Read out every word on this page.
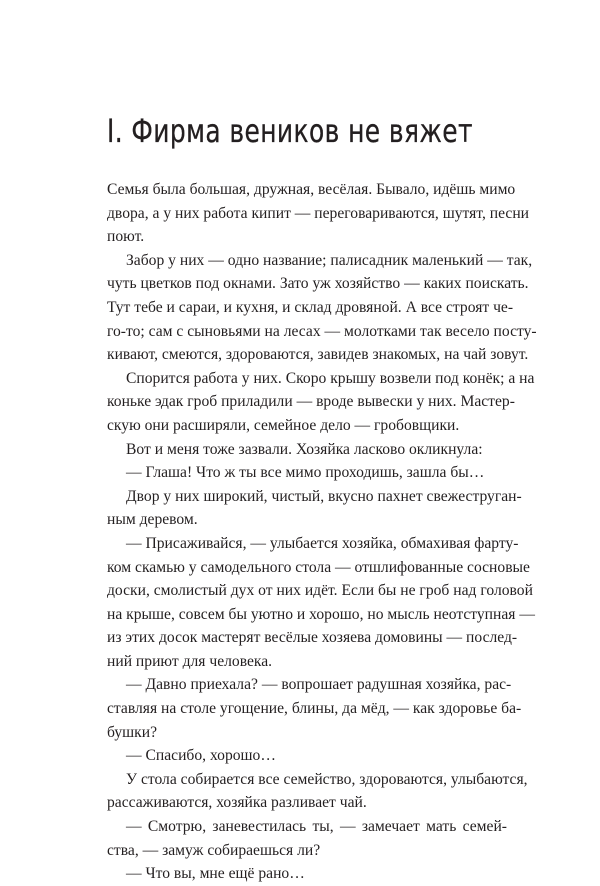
I. Фирма веников не вяжет
Семья была большая, дружная, весёлая. Бывало, идёшь мимо
двора, а у них работа кипит — переговариваются, шутят, песни
поют.
Забор у них — одно название; палисадник маленький — так,
чуть цветков под окнами. Зато уж хозяйство — каких поискать.
Тут тебе и сараи, и кухня, и склад дровяной. А все строят че-
го-то; сам с сыновьями на лесах — молотками так весело посту-
кивают, смеются, здороваются, завидев знакомых, на чай зовут.
Спорится работа у них. Скоро крышу возвели под конёк; а на
коньке эдак гроб приладили — вроде вывески у них. Мастер-
скую они расширяли, семейное дело — гробовщики.
Вот и меня тоже зазвали. Хозяйка ласково окликнула:
— Глаша! Что ж ты все мимо проходишь, зашла бы…
Двор у них широкий, чистый, вкусно пахнет свежеструган-
ным деревом.
— Присаживайся, — улыбается хозяйка, обмахивая фарту-
ком скамью у самодельного стола — отшлифованные сосновые
доски, смолистый дух от них идёт. Если бы не гроб над головой
на крыше, совсем бы уютно и хорошо, но мысль неотступная —
из этих досок мастерят весёлые хозяева домовины — послед-
ний приют для человека.
— Давно приехала? — вопрошает радушная хозяйка, рас-
ставляя на столе угощение, блины, да мёд, — как здоровье ба-
бушки?
— Спасибо, хорошо…
У стола собирается все семейство, здороваются, улыбаются,
рассаживаются, хозяйка разливает чай.
— Смотрю, заневестилась ты, — замечает мать семей-
ства, — замуж собираешься ли?
— Что вы, мне ещё рано…
